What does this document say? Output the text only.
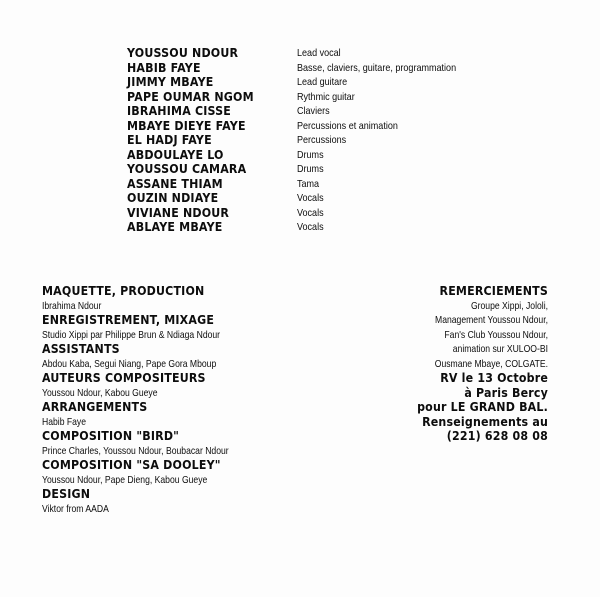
YOUSSOU NDOUR	Lead vocal
HABIB FAYE	Basse, claviers, guitare, programmation
JIMMY MBAYE	Lead guitare
PAPE OUMAR NGOM	Rythmic guitar
IBRAHIMA CISSE	Claviers
MBAYE DIEYE FAYE	Percussions et animation
EL HADJ FAYE	Percussions
ABDOULAYE LO	Drums
YOUSSOU CAMARA	Drums
ASSANE THIAM	Tama
OUZIN NDIAYE	Vocals
VIVIANE NDOUR	Vocals
ABLAYE MBAYE	Vocals
MAQUETTE, PRODUCTION
Ibrahima Ndour
ENREGISTREMENT, MIXAGE
Studio Xippi par Philippe Brun & Ndiaga Ndour
ASSISTANTS
Abdou Kaba, Segui Niang, Pape Gora Mboup
AUTEURS COMPOSITEURS
Youssou Ndour, Kabou Gueye
ARRANGEMENTS
Habib Faye
COMPOSITION "BIRD"
Prince Charles, Youssou Ndour, Boubacar Ndour
COMPOSITION "SA DOOLEY"
Youssou Ndour, Pape Dieng, Kabou Gueye
DESIGN
Viktor from AADA
REMERCIEMENTS
Groupe Xippi, Jololi,
Management Youssou Ndour,
Fan's Club Youssou Ndour,
animation sur XULOO-BI
Ousmane Mbaye, COLGATE.
RV le 13 Octobre
à Paris Bercy
pour LE GRAND BAL.
Renseignements au
(221) 628 08 08
